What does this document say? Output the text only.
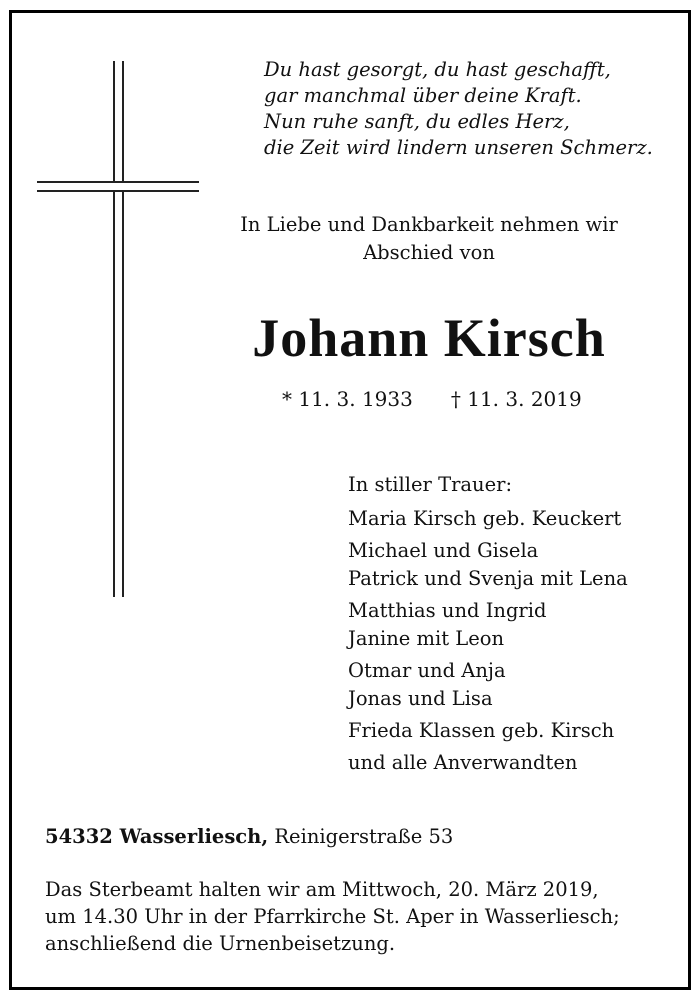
Du hast gesorgt, du hast geschafft,
gar manchmal über deine Kraft.
Nun ruhe sanft, du edles Herz,
die Zeit wird lindern unseren Schmerz.
In Liebe und Dankbarkeit nehmen wir
Abschied von
Johann Kirsch
* 11. 3. 1933 † 11. 3. 2019
In stiller Trauer:
Maria Kirsch geb. Keuckert
Michael und Gisela
Patrick und Svenja mit Lena
Matthias und Ingrid
Janine mit Leon
Otmar und Anja
Jonas und Lisa
Frieda Klassen geb. Kirsch
und alle Anverwandten
54332 Wasserliesch, Reinigerstraße 53
Das Sterbeamt halten wir am Mittwoch, 20. März 2019,
um 14.30 Uhr in der Pfarrkirche St. Aper in Wasserliesch;
anschließend die Urnenbeisetzung.
